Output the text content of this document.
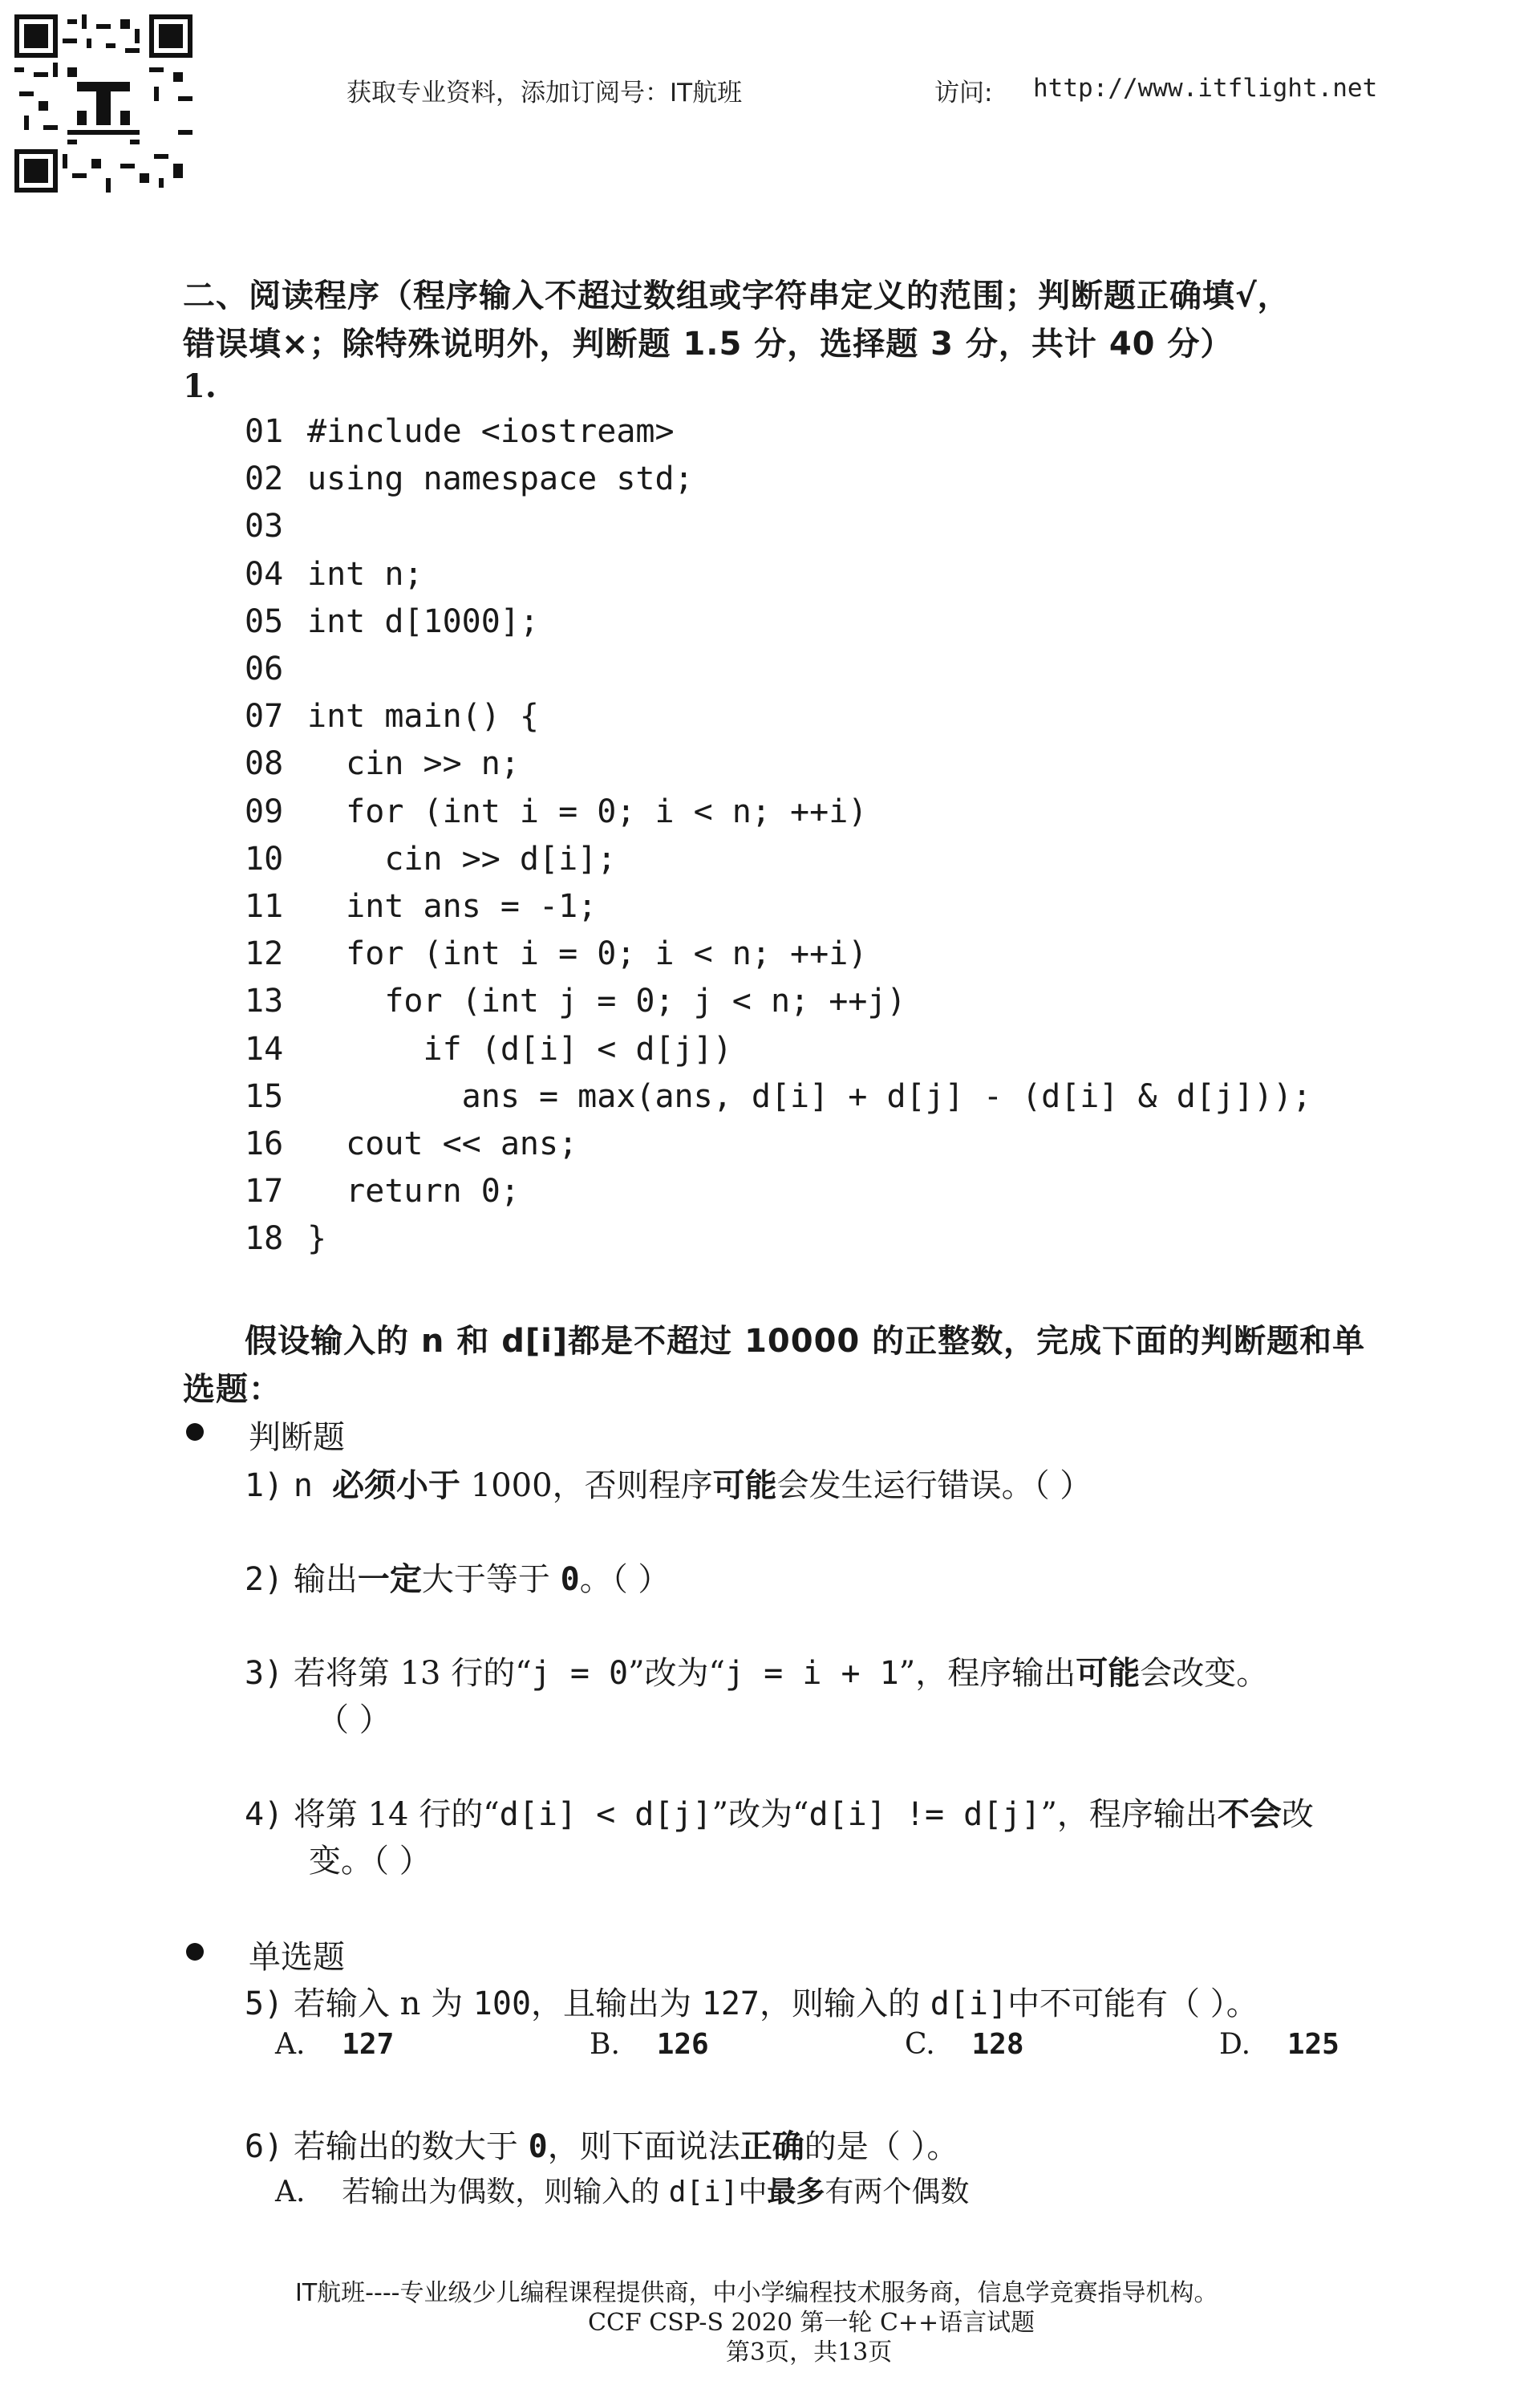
获取专业资料，添加订阅号：IT航班	访问: http://www.itflight.net
二、阅读程序（程序输入不超过数组或字符串定义的范围；判断题正确填√，
错误填×；除特殊说明外，判断题 1.5 分，选择题 3 分，共计 40 分）
1.
01 #include <iostream>
02 using namespace std;
03
04 int n;
05 int d[1000];
06
07 int main() {
08 cin >> n;
09 for (int i = 0; i < n; ++i)
10 cin >> d[i];
11 int ans = -1;
12 for (int i = 0; i < n; ++i)
13 for (int j = 0; j < n; ++j)
14 if (d[i] < d[j])
15 ans = max(ans, d[i] + d[j] - (d[i] & d[j]));
16 cout << ans;
17 return 0;
18 }
假设输入的 n 和 d[i]都是不超过 10000 的正整数，完成下面的判断题和单
选题：
判断题
1) n 必须小于 1000，否则程序可能会发生运行错误。（ ）
2) 输出一定大于等于 0。（ ）
3) 若将第 13 行的“j = 0”改为“j = i + 1”，程序输出可能会改变。
（ ）
4) 将第 14 行的“d[i] < d[j]”改为“d[i] != d[j]”，程序输出不会改
变。（ ）
单选题
5) 若输入 n 为 100，且输出为 127，则输入的 d[i]中不可能有（ ）。
A. 127	B. 126	C. 128	D. 125
6) 若输出的数大于 0，则下面说法正确的是（ ）。
A. 若输出为偶数，则输入的 d[i]中最多有两个偶数
IT航班----专业级少儿编程课程提供商，中小学编程技术服务商，信息学竞赛指导机构。
CCF CSP-S 2020 第一轮 C++语言试题
第3页，共13页
